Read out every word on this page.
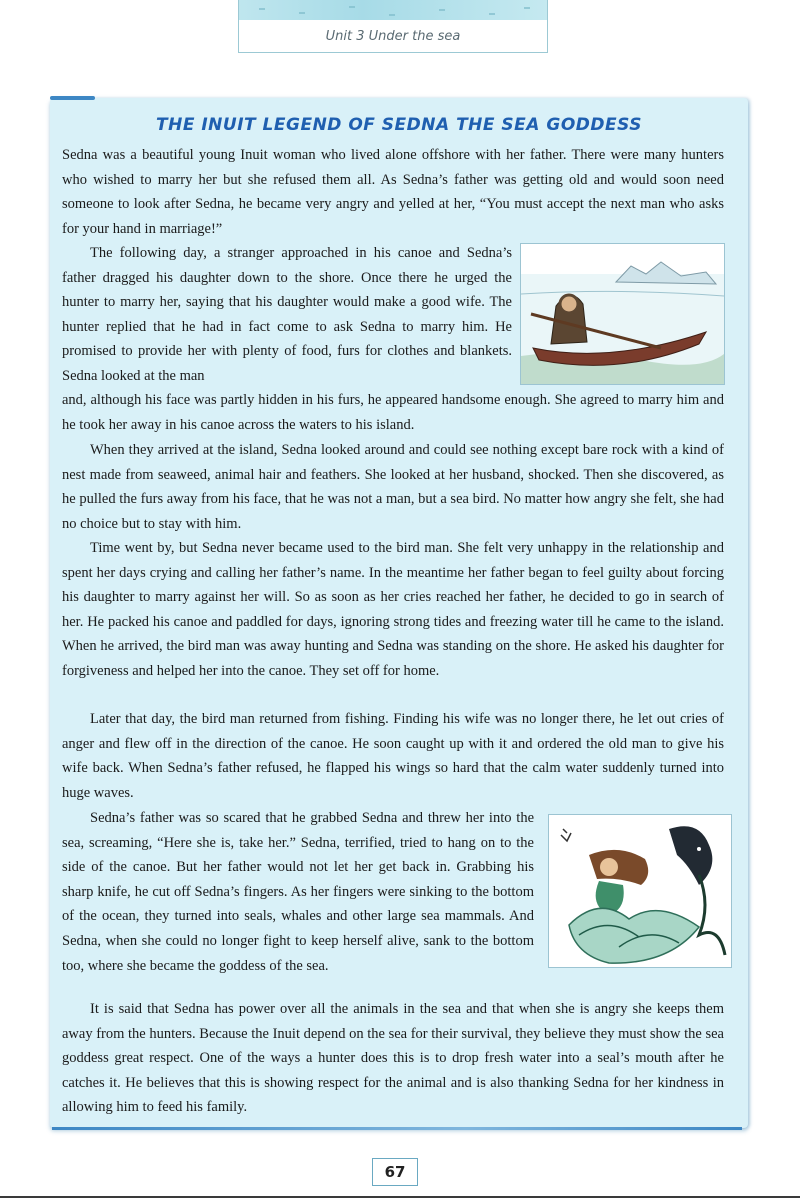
Unit 3 Under the sea
THE INUIT LEGEND OF SEDNA THE SEA GODDESS

Sedna was a beautiful young Inuit woman who lived alone offshore with her father. There were many hunters who wished to marry her but she refused them all. As Sedna’s father was getting old and would soon need someone to look after Sedna, he became very angry and yelled at her, “You must accept the next man who asks for your hand in marriage!”

The following day, a stranger approached in his canoe and Sedna’s father dragged his daughter down to the shore. Once there he urged the hunter to marry her, saying that his daughter would make a good wife. The hunter replied that he had in fact come to ask Sedna to marry him. He promised to provide her with plenty of food, furs for clothes and blankets. Sedna looked at the man

and, although his face was partly hidden in his furs, he appeared handsome enough. She agreed to marry him and he took her away in his canoe across the waters to his island.

When they arrived at the island, Sedna looked around and could see nothing except bare rock with a kind of nest made from seaweed, animal hair and feathers. She looked at her husband, shocked. Then she discovered, as he pulled the furs away from his face, that he was not a man, but a sea bird. No matter how angry she felt, she had no choice but to stay with him.

Time went by, but Sedna never became used to the bird man. She felt very unhappy in the relationship and spent her days crying and calling her father’s name. In the meantime her father began to feel guilty about forcing his daughter to marry against her will. So as soon as her cries reached her father, he decided to go in search of her. He packed his canoe and paddled for days, ignoring strong tides and freezing water till he came to the island. When he arrived, the bird man was away hunting and Sedna was standing on the shore. He asked his daughter for forgiveness and helped her into the canoe. They set off for home.

Later that day, the bird man returned from fishing. Finding his wife was no longer there, he let out cries of anger and flew off in the direction of the canoe. He soon caught up with it and ordered the old man to give his wife back. When Sedna’s father refused, he flapped his wings so hard that the calm water suddenly turned into huge waves.

Sedna’s father was so scared that he grabbed Sedna and threw her into the sea, screaming, “Here she is, take her.” Sedna, terrified, tried to hang on to the side of the canoe. But her father would not let her get back in. Grabbing his sharp knife, he cut off Sedna’s fingers. As her fingers were sinking to the bottom of the ocean, they turned into seals, whales and other large sea mammals. And Sedna, when she could no longer fight to keep herself alive, sank to the bottom too, where she became the goddess of the sea.

It is said that Sedna has power over all the animals in the sea and that when she is angry she keeps them away from the hunters. Because the Inuit depend on the sea for their survival, they believe they must show the sea goddess great respect. One of the ways a hunter does this is to drop fresh water into a seal’s mouth after he catches it. He believes that this is showing respect for the animal and is also thanking Sedna for her kindness in allowing him to feed his family.

67
